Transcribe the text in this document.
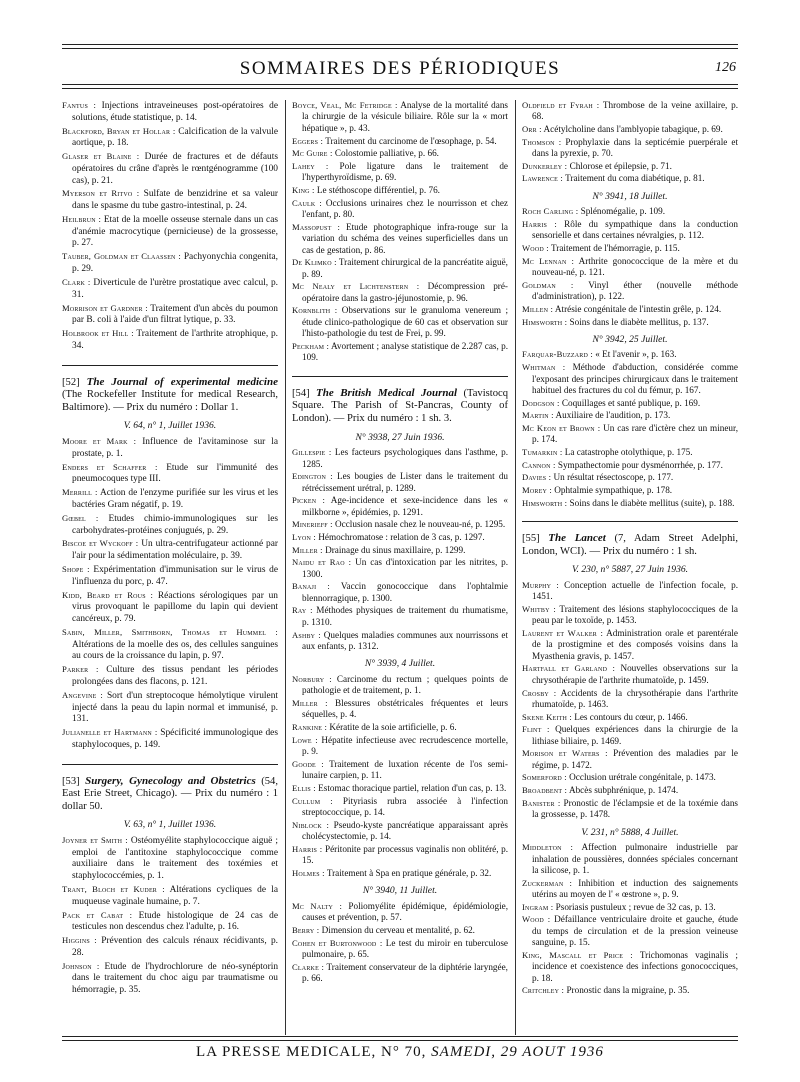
SOMMAIRES DES PÉRIODIQUES	126
Fantus : Injections intraveineuses post-opératoires de solutions, étude statistique, p. 14.
Blackford, Bryan et Hollar : Calcification de la valvule aortique, p. 18.
Glaser et Blaine : Durée de fractures et de défauts opératoires du crâne d'après le rœntgénogramme (100 cas), p. 21.
Myerson et Ritvo : Sulfate de benzidrine et sa valeur dans le spasme du tube gastro-intestinal, p. 24.
Heilbrun : Etat de la moelle osseuse sternale dans un cas d'anémie macrocytique (pernicieuse) de la grossesse, p. 27.
Tauber, Goldman et Claassen : Pachyonychia congenita, p. 29.
Clark : Diverticule de l'urètre prostatique avec calcul, p. 31.
Morrison et Gardner : Traitement d'un abcès du poumon par B. coli à l'aide d'un filtrat lytique, p. 33.
Holbrook et Hill : Traitement de l'arthrite atrophique, p. 34.
[52] The Journal of experimental medicine (The Rockefeller Institute for medical Research, Baltimore). — Prix du numéro : Dollar 1.
V. 64, n° 1, Juillet 1936.
Moore et Mark : Influence de l'avitaminose sur la prostate, p. 1.
Enders et Schaffer : Etude sur l'immunité des pneumocoques type III.
Merrill : Action de l'enzyme purifiée sur les virus et les bactéries Gram négatif, p. 19.
Gœbel : Etudes chimio-immunologiques sur les carbohydrates-protéines conjugués, p. 29.
Biscoe et Wyckoff : Un ultra-centrifugateur actionné par l'air pour la sédimentation moléculaire, p. 39.
Shope : Expérimentation d'immunisation sur le virus de l'influenza du porc, p. 47.
Kidd, Beard et Rous : Réactions sérologiques par un virus provoquant le papillome du lapin qui devient cancéreux, p. 79.
Sabin, Miller, Smithborn, Thomas et Hummel : Altérations de la moelle des os, des cellules sanguines au cours de la croissance du lapin, p. 97.
Parker : Culture des tissus pendant les périodes prolongées dans des flacons, p. 121.
Angevine : Sort d'un streptocoque hémolytique virulent injecté dans la peau du lapin normal et immunisé, p. 131.
Julianelle et Hartmann : Spécificité immunologique des staphylocoques, p. 149.
[53] Surgery, Gynecology and Obstetrics (54, East Erie Street, Chicago). — Prix du numéro : 1 dollar 50.
V. 63, n° 1, Juillet 1936.
Joyner et Smith : Ostéomyélite staphylococcique aiguë ; emploi de l'antitoxine staphylococcique comme auxiliaire dans le traitement des toxémies et staphylococcémies, p. 1.
Trant, Bloch et Kuder : Altérations cycliques de la muqueuse vaginale humaine, p. 7.
Pack et Cabat : Etude histologique de 24 cas de testicules non descendus chez l'adulte, p. 16.
Higgins : Prévention des calculs rénaux récidivants, p. 28.
Johnson : Etude de l'hydrochlorure de néo-synéptorin dans le traitement du choc aigu par traumatisme ou hémorragie, p. 35.
Boyce, Veal, Mc Fetridge : Analyse de la mortalité dans la chirurgie de la vésicule biliaire. Rôle sur la « mort hépatique », p. 43.
Eggers : Traitement du carcinome de l'œsophage, p. 54.
Mc Guire : Colostomie palliative, p. 66.
Lahey : Pole ligature dans le traitement de l'hyperthyroïdisme, p. 69.
King : Le stéthoscope différentiel, p. 76.
Caulk : Occlusions urinaires chez le nourrisson et chez l'enfant, p. 80.
Massopust : Etude photographique infra-rouge sur la variation du schéma des veines superficielles dans un cas de gestation, p. 86.
De Klimko : Traitement chirurgical de la pancréatite aiguë, p. 89.
Mc Nealy et Lichtenstern : Décompression pré-opératoire dans la gastro-jéjunostomie, p. 96.
Kornblith : Observations sur le granuloma venereum ; étude clinico-pathologique de 60 cas et observation sur l'histo-pathologie du test de Frei, p. 99.
Peckham : Avortement ; analyse statistique de 2.287 cas, p. 109.
[54] The British Medical Journal (Tavistocq Square. The Parish of St-Pancras, County of London). — Prix du numéro : 1 sh. 3.
N° 3938, 27 Juin 1936.
Gillespie : Les facteurs psychologiques dans l'asthme, p. 1285.
Edington : Les bougies de Lister dans le traitement du rétrécissement urétral, p. 1289.
Picken : Age-incidence et sexe-incidence dans les « milkborne », épidémies, p. 1291.
Minerieff : Occlusion nasale chez le nouveau-né, p. 1295.
Lyon : Hémochromatose : relation de 3 cas, p. 1297.
Miller : Drainage du sinus maxillaire, p. 1299.
Naidu et Rao : Un cas d'intoxication par les nitrites, p. 1300.
Banaji : Vaccin gonococcique dans l'ophtalmie blennorragique, p. 1300.
Ray : Méthodes physiques de traitement du rhumatisme, p. 1310.
Ashby : Quelques maladies communes aux nourrissons et aux enfants, p. 1312.
N° 3939, 4 Juillet.
Norbury : Carcinome du rectum ; quelques points de pathologie et de traitement, p. 1.
Miller : Blessures obstétricales fréquentes et leurs séquelles, p. 4.
Rankine : Kératite de la soie artificielle, p. 6.
Lowe : Hépatite infectieuse avec recrudescence mortelle, p. 9.
Goode : Traitement de luxation récente de l'os semi-lunaire carpien, p. 11.
Ellis : Estomac thoracique partiel, relation d'un cas, p. 13.
Cullum : Pityriasis rubra associée à l'infection streptococcique, p. 14.
Niblock : Pseudo-kyste pancréatique apparaissant après cholécystectomie, p. 14.
Harris : Péritonite par processus vaginalis non oblitéré, p. 15.
Holmes : Traitement à Spa en pratique générale, p. 32.
N° 3940, 11 Juillet.
Mc Nalty : Poliomyélite épidémique, épidémiologie, causes et prévention, p. 57.
Berry : Dimension du cerveau et mentalité, p. 62.
Cohen et Burtonwood : Le test du miroir en tuberculose pulmonaire, p. 65.
Clarke : Traitement conservateur de la diphtérie laryngée, p. 66.
Oldfield et Fyrah : Thrombose de la veine axillaire, p. 68.
Orr : Acétylcholine dans l'amblyopie tabagique, p. 69.
Thomson : Prophylaxie dans la septicémie puerpérale et dans la pyrexie, p. 70.
Dunkerley : Chlorose et épilepsie, p. 71.
Lawrence : Traitement du coma diabétique, p. 81.
N° 3941, 18 Juillet.
Roch Carling : Splénomégalie, p. 109.
Harris : Rôle du sympathique dans la conduction sensorielle et dans certaines névralgies, p. 112.
Wood : Traitement de l'hémorragie, p. 115.
Mc Lennan : Arthrite gonococcique de la mère et du nouveau-né, p. 121.
Goldman : Vinyl éther (nouvelle méthode d'administration), p. 122.
Millen : Atrésie congénitale de l'intestin grêle, p. 124.
Himsworth : Soins dans le diabète mellitus, p. 137.
N° 3942, 25 Juillet.
Farquar-Buzzard : « Et l'avenir », p. 163.
Whitman : Méthode d'abduction, considérée comme l'exposant des principes chirurgicaux dans le traitement habituel des fractures du col du fémur, p. 167.
Dodgson : Coquillages et santé publique, p. 169.
Martin : Auxiliaire de l'audition, p. 173.
Mc Keon et Brown : Un cas rare d'ictère chez un mineur, p. 174.
Tumarkin : La catastrophe otolythique, p. 175.
Cannon : Sympathectomie pour dysménorrhée, p. 177.
Davies : Un résultat résectoscope, p. 177.
Morey : Ophtalmie sympathique, p. 178.
Himsworth : Soins dans le diabète mellitus (suite), p. 188.
[55] The Lancet (7, Adam Street Adelphi, London, WCI). — Prix du numéro : 1 sh.
V. 230, n° 5887, 27 Juin 1936.
Murphy : Conception actuelle de l'infection focale, p. 1451.
Whitby : Traitement des lésions staphylococciques de la peau par le toxoïde, p. 1453.
Laurent et Walker : Administration orale et parentérale de la prostigmine et des composés voisins dans la Myasthenia gravis, p. 1457.
Hartfall et Garland : Nouvelles observations sur la chrysothérapie de l'arthrite rhumatoïde, p. 1459.
Crosby : Accidents de la chrysothérapie dans l'arthrite rhumatoïde, p. 1463.
Skene Keith : Les contours du cœur, p. 1466.
Flint : Quelques expériences dans la chirurgie de la lithiase biliaire, p. 1469.
Morison et Waters : Prévention des maladies par le régime, p. 1472.
Somerford : Occlusion urétrale congénitale, p. 1473.
Broadbent : Abcès subphrénique, p. 1474.
Banister : Pronostic de l'éclampsie et de la toxémie dans la grossesse, p. 1478.
V. 231, n° 5888, 4 Juillet.
Middleton : Affection pulmonaire industrielle par inhalation de poussières, données spéciales concernant la silicose, p. 1.
Zuckerman : Inhibition et induction des saignements utérins au moyen de l' « œstrone », p. 9.
Ingram : Psoriasis pustuleux ; revue de 32 cas, p. 13.
Wood : Défaillance ventriculaire droite et gauche, étude du temps de circulation et de la pression veineuse sanguine, p. 15.
King, Mascall et Price : Trichomonas vaginalis ; incidence et coexistence des infections gonococciques, p. 18.
Critchley : Pronostic dans la migraine, p. 35.
LA PRESSE MEDICALE, N° 70, SAMEDI, 29 AOUT 1936
